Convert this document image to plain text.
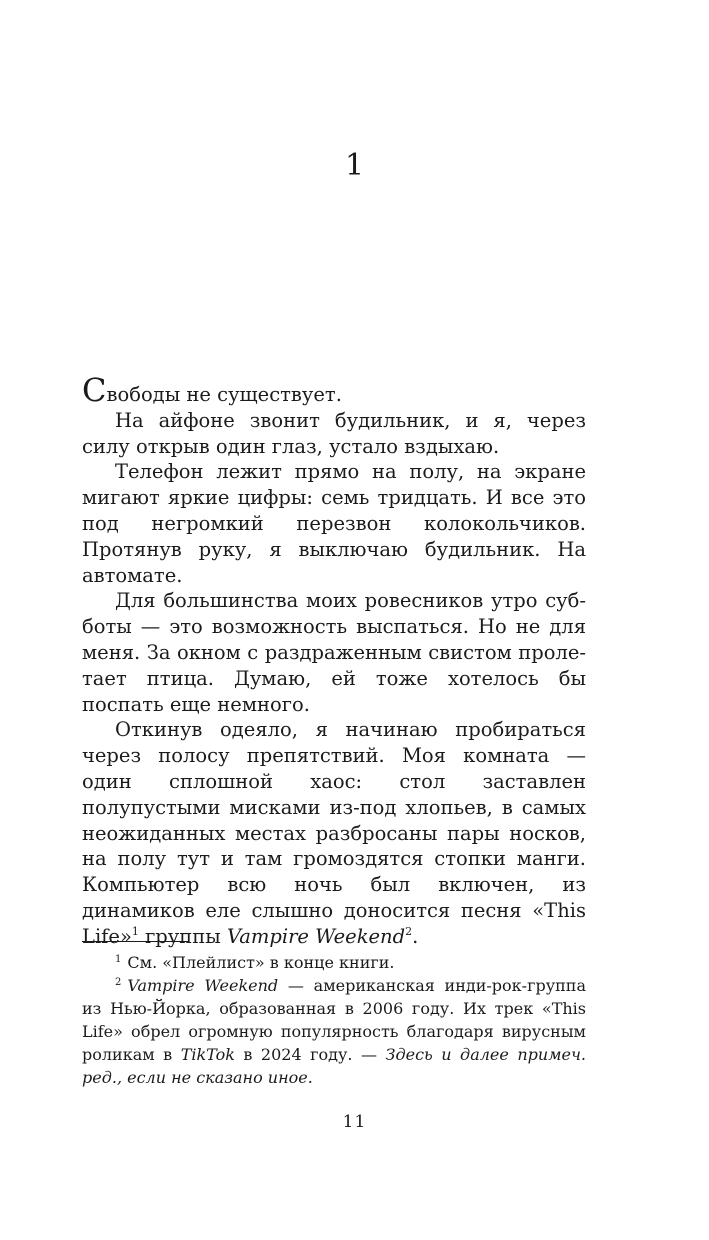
1

Свободы не существует.

На айфоне звонит будильник, и я, через силу открыв один глаз, устало вздыхаю.

Телефон лежит прямо на полу, на экране мигают яркие цифры: семь тридцать. И все это под негромкий перезвон колокольчиков. Протянув руку, я выключаю будильник. На автомате.

Для большинства моих ровесников утро субботы — это возможность выспаться. Но не для меня. За окном с раздраженным свистом пролетает птица. Думаю, ей тоже хотелось бы поспать еще немного.

Откинув одеяло, я начинаю пробираться через полосу препятствий. Моя комната — один сплошной хаос: стол заставлен полупустыми мисками из-под хлопьев, в самых неожиданных местах разбросаны пары носков, на полу тут и там громоздятся стопки манги. Компьютер всю ночь был включен, из динамиков еле слышно доносится песня «This Life»$^1$ группы Vampire Weekend$^2$.

$^1$ См. «Плейлист» в конце книги.

$^2$ Vampire Weekend — американская инди-рок-группа из Нью-Йорка, образованная в 2006 году. Их трек «This Life» обрел огромную популярность благодаря вирусным роликам в TikTok в 2024 году. — Здесь и далее примеч. ред., если не сказано иное.

11
